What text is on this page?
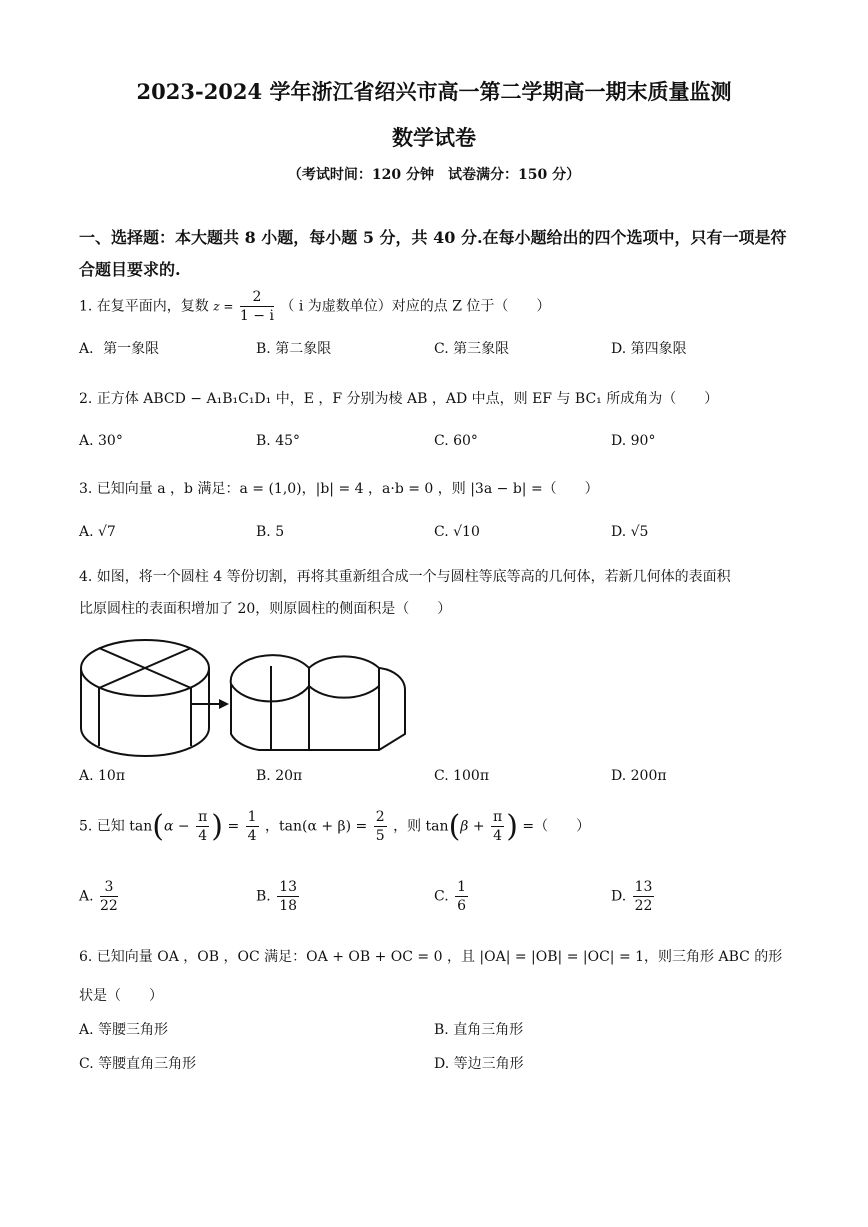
2023-2024 学年浙江省绍兴市高一第二学期高一期末质量监测
数学试卷
（考试时间：120 分钟　试卷满分：150 分）
一、选择题：本大题共 8 小题，每小题 5 分，共 40 分.在每小题给出的四个选项中，只有一项是符合题目要求的.
1. 在复平面内，复数 $z = \frac{2}{1 - i}$ （ i 为虚数单位）对应的点 Z 位于（　　）
A．第一象限	B. 第二象限	C. 第三象限	D. 第四象限
2. 正方体 ABCD − A₁B₁C₁D₁ 中，E ，F 分别为棱 AB ，AD 中点，则 EF 与 BC₁ 所成角为（　　）
A. 30°	B. 45°	C. 60°	D. 90°
3. 已知向量 a ，b 满足：a = (1,0)，|b| = 4 ，a·b = 0 ，则 |3a − b| =（　　）
A. √7	B. 5	C. √10	D. √5
4. 如图，将一个圆柱 4 等份切割，再将其重新组合成一个与圆柱等底等高的几何体，若新几何体的表面积
比原圆柱的表面积增加了 20，则原圆柱的侧面积是（　　）
A. 10π	B. 20π	C. 100π	D. 200π
5. 已知 $\tan(\alpha - \frac{\pi}{4}$ ) = $\frac{1}{4}$ ，$\tan(\alpha + \beta) = \frac{2}{5}$ ，则 $\tan(\beta + \frac{\pi}{4}$ ) =（　　）
A. $\frac{3}{22}$	B. $\frac{13}{18}$	C. $\frac{1}{6}$	D. $\frac{13}{22}$
6. 已知向量 OA ，OB ，OC 满足：OA + OB + OC = 0 ，且 |OA| = |OB| = |OC| = 1，则三角形 ABC 的形
状是（　　）
A. 等腰三角形	B. 直角三角形
C. 等腰直角三角形	D. 等边三角形
